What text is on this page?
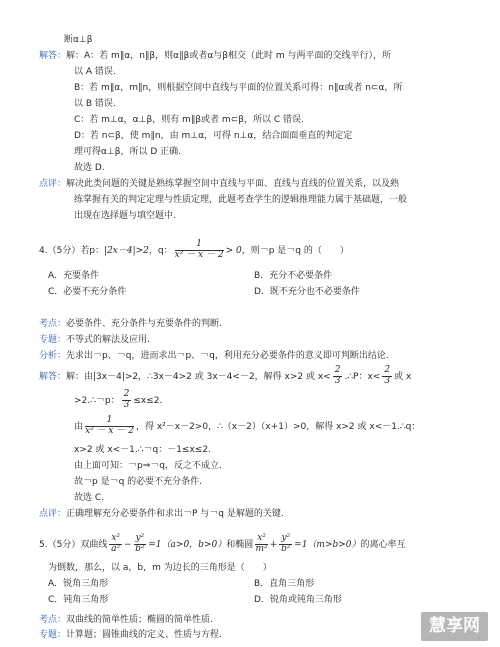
断α⊥β
解答：解：A：若 m∥α，n∥β，则α∥β或者α与β相交（此时 m 与两平面的交线平行），所
以 A 错误.
B：若 m∥α，m∥n，则根据空间中直线与平面的位置关系可得：n∥α或者 n⊂α，所
以 B 错误.
C：若 m⊥α，α⊥β，则有 m∥β或者 m⊂β，所以 C 错误.
D：若 n⊂β，使 m∥n，由 m⊥α，可得 n⊥α，结合面面垂直的判定定
理可得α⊥β，所以 D 正确.
故选 D.
点评：解决此类问题的关键是熟练掌握空间中直线与平面、直线与直线的位置关系，以及熟
练掌握有关的判定定理与性质定理，此题考查学生的逻辑推理能力属于基础题，一般
出现在选择题与填空题中.
4.（5分）若p：|2x－4|>2，q： $\frac{1}{\text{x² － x － 2}} > 0$，则￢p 是￢q 的（　　）
A．充要条件	B．充分不必要条件
C．必要不充分条件	D．既不充分也不必要条件
考点：必要条件、充分条件与充要条件的判断.
专题：不等式的解法及应用.
分析：先求出￢p、￢q，进而求出￢p、￢q，利用充分必要条件的意义即可判断出结论.
解答：解：由|3x－4|>2，∴3x－4>2 或 3x－4<－2，解得 x>2 或 $x< \frac{2}{3}$ .∴P：$x< \frac{2}{3}$ 或 x
>2.∴￢p： $\frac{2}{3} \le x\le 2$.
由 $\frac{1}{\text{x² － x － 2}}$ ，得 x²－x－2>0，∴（x－2）（x+1）>0，解得 x>2 或 x<－1.∴q：
x>2 或 x<－1.∴￢q：－1≤x≤2.
由上面可知：￢p⇒￢q，反之不成立.
故￢p 是￢q 的必要不充分条件.
故选 C.
点评：正确理解充分必要条件和求出￢P 与￢q 是解题的关键.
5.（5分）双曲线 $\frac{\text{x²}}{\text{a²}} - \frac{\text{y²}}{\text{b²}} =1(a>0$，b>0）和椭圆 $\frac{\text{x²}}{\text{m²}} + \frac{\text{y²}}{\text{b²}} =1(m>b>0)$的离心率互
为倒数，那么，以 a，b，m 为边长的三角形是（　　）
A．锐角三角形	B．直角三角形
C．钝角三角形	D．锐角或钝角三角形
考点：双曲线的简单性质；椭圆的简单性质.
专题：计算题；圆锥曲线的定义、性质与方程.	慧享网
